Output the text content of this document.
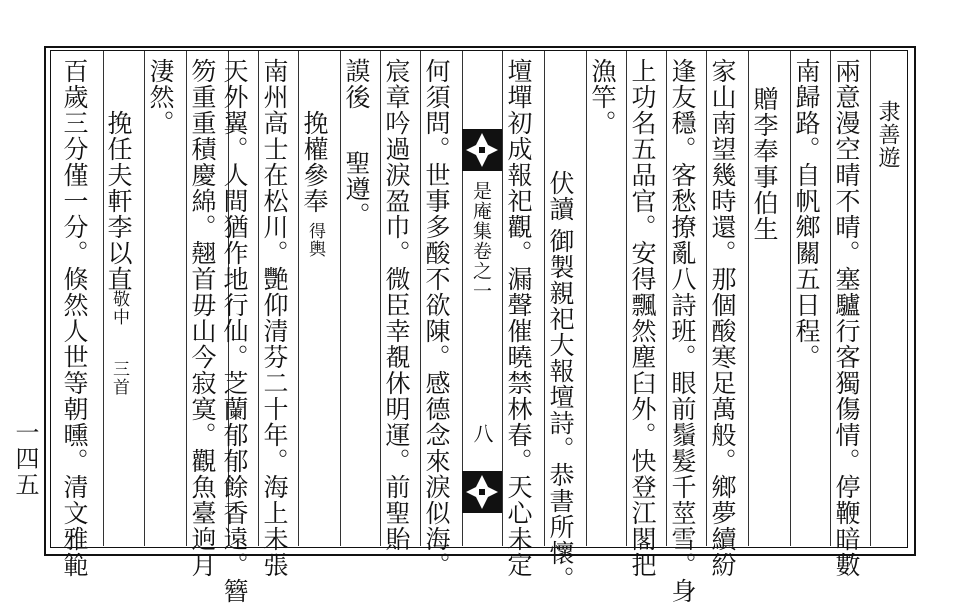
是庵集卷之一
八
隶善遊
兩意漫空晴不晴。塞驢行客獨傷情。停鞭暗數
南歸路。自帆鄉關五日程。
贈李奉事伯生
家山南望幾時還。那個酸寒足萬般。鄉夢續紛
逢友穩。客愁撩亂八詩班。眼前鬚髮千莖雪。身
上功名五品官。安得飄然塵臼外。快登江閣把
漁竿。
伏讀
御製親祀大報壇詩。恭書所懷。
壇墠初成報祀觀。漏聲催曉禁林春。天心未定
何須問。世事多酸不欲陳。感德念來淚似海。
宸章吟過淚盈巾。微臣幸覩休明運。前
聖貽
謨後
聖遵。
挽權參奉
得輿
南州高士在松川。艷仰清芬二十年。海上未張
天外翼。人間猶作地行仙。芝蘭郁郁餘香遠。簪
笏重重積慶綿。翹首毋山今寂寞。觀魚臺逈月
淒然。
挽任夫軒李以直
敬中
三首
百歲三分僅一分。倏然人世等朝曛。清文雅範
一四五
